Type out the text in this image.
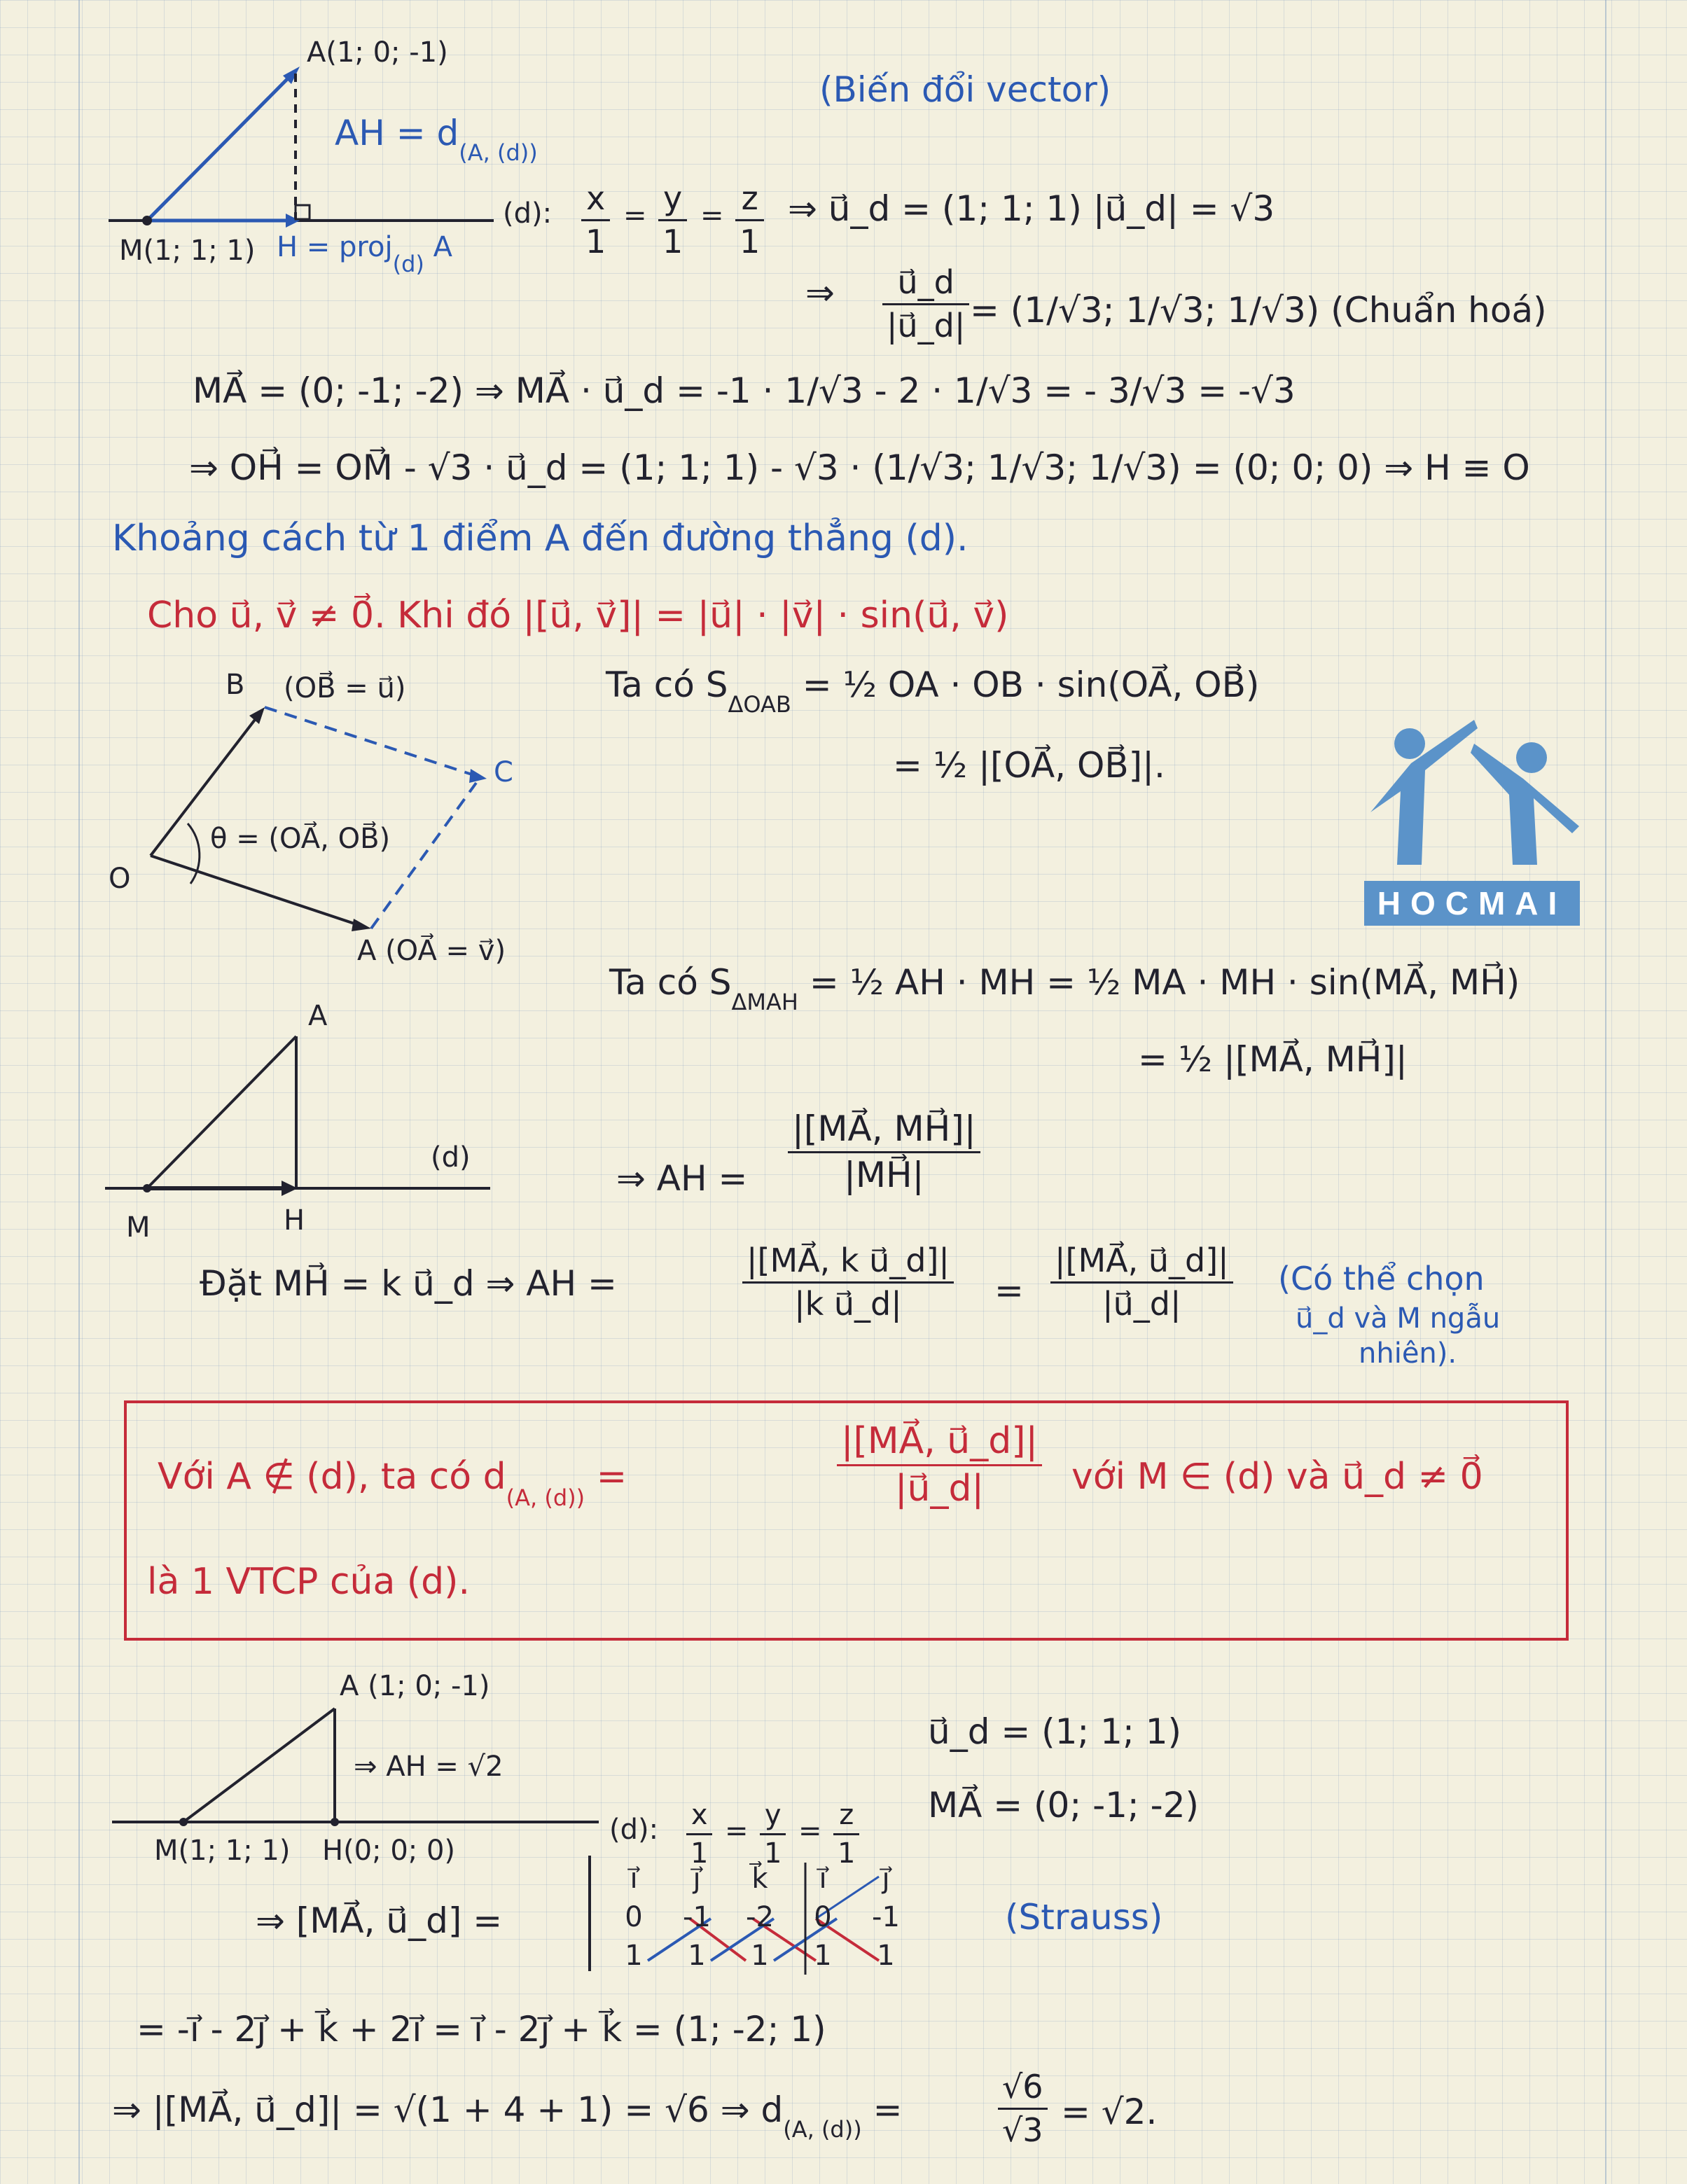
A(1; 0; -1)
AH = $d_{(A, (d))}$
M(1; 1; 1) H = proj$_{(d)}$ A
(Biến đổi vector)
(d): x
1
= y
1
= z
1
⇒ u⃗_d = (1; 1; 1) |u⃗_d| = √3
⇒ u⃗_d
|u⃗_d| = (1/√3; 1/√3; 1/√3) (Chuẩn hoá)
MA⃗ = (0; -1; -2) ⇒ MA⃗ · u⃗_d = -1 · 1/√3 - 2 · 1/√3 = - 3/√3 = -√3
⇒ OH⃗ = OM⃗ - √3 · u⃗_d = (1; 1; 1) - √3 · (1/√3; 1/√3; 1/√3) = (0; 0; 0) ⇒ H ≡ O
Khoảng cách từ 1 điểm A đến đường thẳng (d).
Cho u⃗, v⃗ ≠ 0⃗. Khi đó |[u⃗, v⃗]| = |u⃗| · |v⃗| · sin(u⃗, v⃗)
B (OB⃗ = u⃗)
C
θ = (OA⃗, OB⃗)
O
A (OA⃗ = v⃗)
Ta có $S_{\Delta OAB}$ = ½ OA · OB · sin(OA⃗, OB⃗)
= ½ |[OA⃗, OB⃗]|.
HOCMAI
A
(d)
M	H
Ta có $S_{\Delta MAH}$ = ½ AH · MH = ½ MA · MH · sin(MA⃗, MH⃗)
= ½ |[MA⃗, MH⃗]|
⇒ AH =
|[MA⃗, MH⃗]|
|MH⃗|
Đặt MH⃗ = k u⃗_d ⇒ AH =
|[MA⃗, k u⃗_d]|
|k u⃗_d|	=
|[MA⃗, u⃗_d]|
|u⃗_d|
(Có thể chọn
u⃗_d và M ngẫu
nhiên).
Với A ∉ (d), ta có $d_{(A, (d))}$ =
|[MA⃗, u⃗_d]|
|u⃗_d| với M ∈ (d) và u⃗_d ≠ 0⃗
là 1 VTCP của (d).
A (1; 0; -1)
⇒ AH = √2
M(1; 1; 1) H(0; 0; 0)
(d): x
1
= y
1
= z
1
u⃗_d = (1; 1; 1)
MA⃗ = (0; -1; -2)
⇒ [MA⃗, u⃗_d] =
i⃗	j⃗	k⃗	i⃗	j⃗
0	-1	-2	0	-1
1	1	1	1	1
(Strauss)
= -i⃗ - 2j⃗ + k⃗ + 2i⃗ = i⃗ - 2j⃗ + k⃗ = (1; -2; 1)
⇒ |[MA⃗, u⃗_d]| = √(1 + 4 + 1) = √6 ⇒ $d_{(A, (d))}$ =
√6
√3 = √2.
